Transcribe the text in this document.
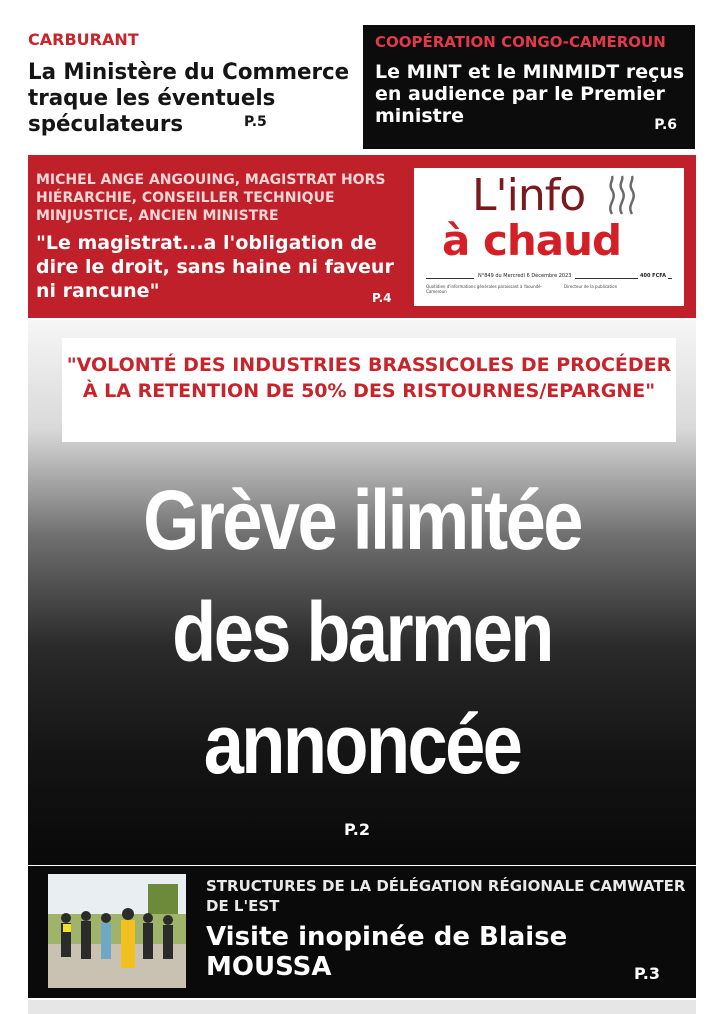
CARBURANT
La Ministère du Commerce traque les éventuels spéculateurs	P.5
COOPÉRATION CONGO-CAMEROUN
Le MINT et le MINMIDT reçus en audience par le Premier ministre	P.6
MICHEL ANGE ANGOUING, MAGISTRAT HORS HIÉRARCHIE, CONSEILLER TECHNIQUE MINJUSTICE, ANCIEN MINISTRE
"Le magistrat...a l'obligation de dire le droit, sans haine ni faveur ni rancune"	P.4
L'info
à chaud
N°849 du Mercredi 6 Décembre 2023	400 FCFA
Quotidien d'informations générales paraissant à Yaoundé-Cameroun
Directeur de la publication
"VOLONTÉ DES INDUSTRIES BRASSICOLES DE PROCÉDER À LA RETENTION DE 50% DES RISTOURNES/EPARGNE"
Grève ilimitée
des barmen
annoncée
P.2
STRUCTURES DE LA DÉLÉGATION RÉGIONALE CAMWATER DE L'EST
Visite inopinée de Blaise MOUSSA	P.3
